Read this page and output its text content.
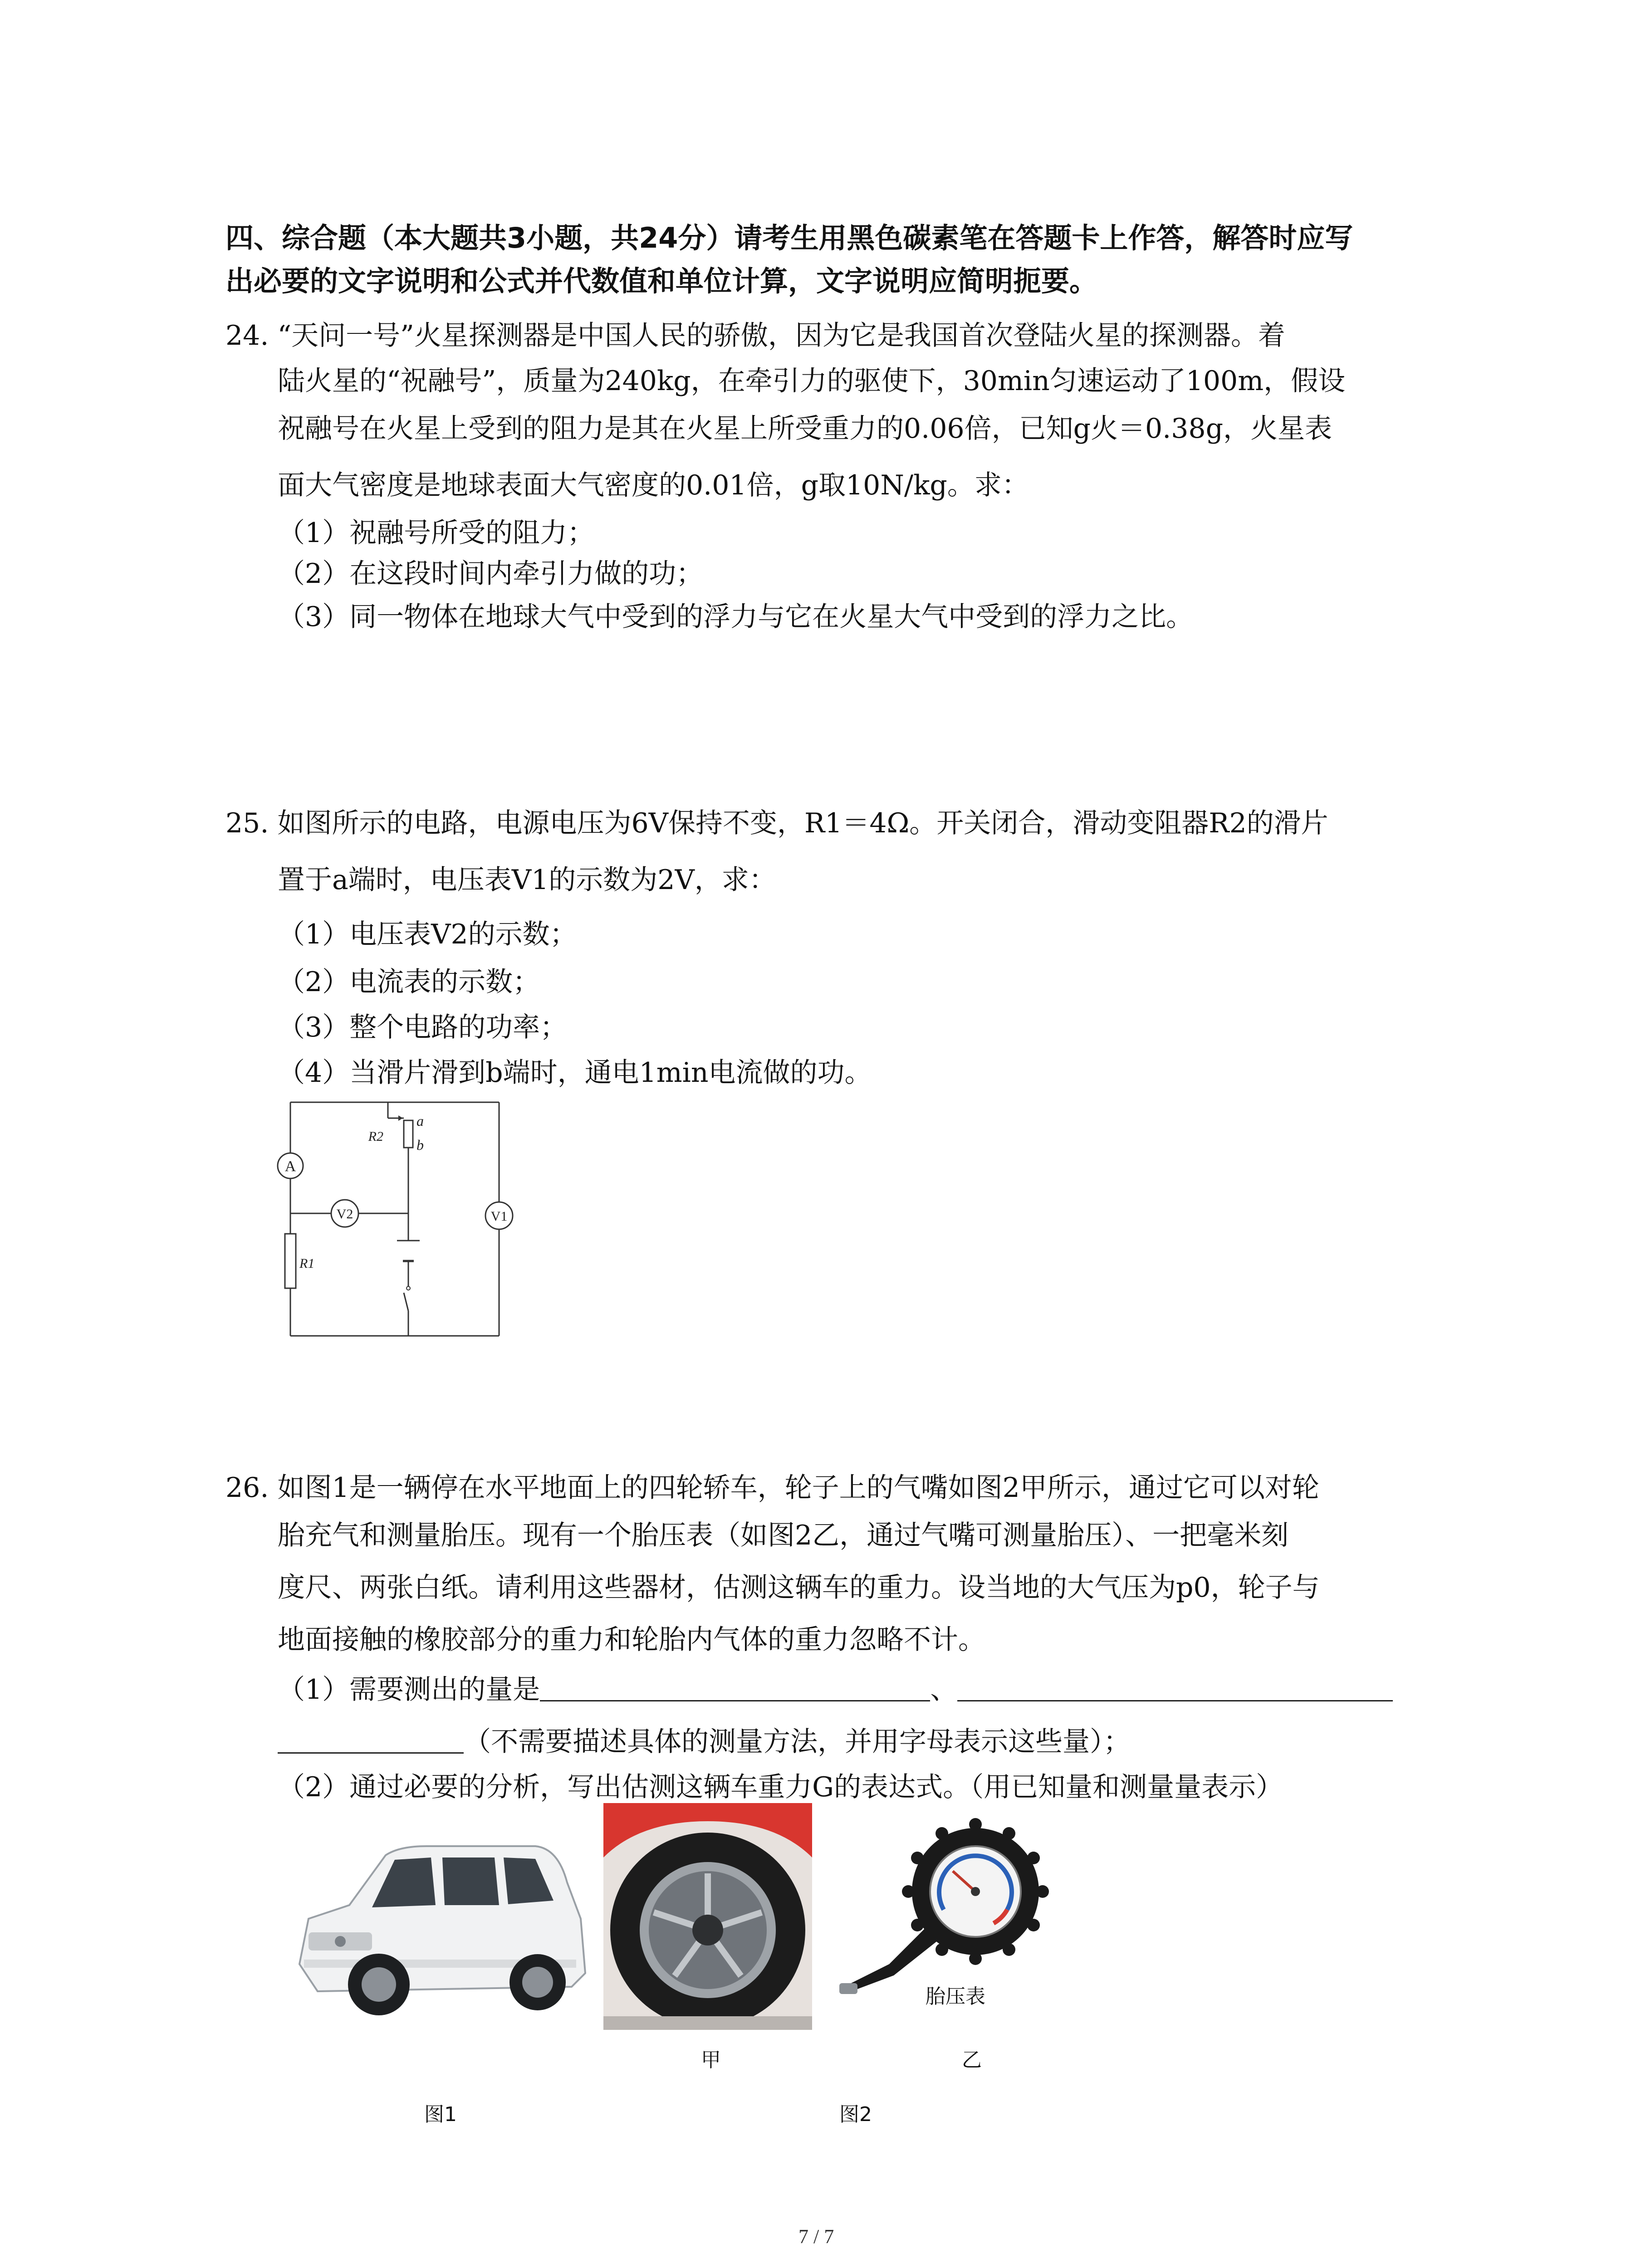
四、综合题（本大题共3小题，共24分）请考生用黑色碳素笔在答题卡上作答，解答时应写
出必要的文字说明和公式并代数值和单位计算，文字说明应简明扼要。
24. “天问一号”火星探测器是中国人民的骄傲，因为它是我国首次登陆火星的探测器。着
陆火星的“祝融号”，质量为240kg，在牵引力的驱使下，30min匀速运动了100m，假设
祝融号在火星上受到的阻力是其在火星上所受重力的0.06倍，已知g火＝0.38g，火星表
面大气密度是地球表面大气密度的0.01倍，g取10N/kg。求：
（1）祝融号所受的阻力；
（2）在这段时间内牵引力做的功；
（3）同一物体在地球大气中受到的浮力与它在火星大气中受到的浮力之比。
25. 如图所示的电路，电源电压为6V保持不变，R1＝4Ω。开关闭合，滑动变阻器R2的滑片
置于a端时，电压表V1的示数为2V，求：
（1）电压表V2的示数；
（2）电流表的示数；
（3）整个电路的功率；
（4）当滑片滑到b端时，通电1min电流做的功。
A
V2	V1
R2
R1
a
b
26. 如图1是一辆停在水平地面上的四轮轿车，轮子上的气嘴如图2甲所示，通过它可以对轮
胎充气和测量胎压。现有一个胎压表（如图2乙，通过气嘴可测量胎压）、一把毫米刻
度尺、两张白纸。请利用这些器材，估测这辆车的重力。设当地的大气压为p0，轮子与
地面接触的橡胶部分的重力和轮胎内气体的重力忽略不计。
（1）需要测出的量是	、
（不需要描述具体的测量方法，并用字母表示这些量）；
（2）通过必要的分析，写出估测这辆车重力G的表达式。（用已知量和测量量表示）
胎压表
甲	乙
图1	图2
7 / 7
